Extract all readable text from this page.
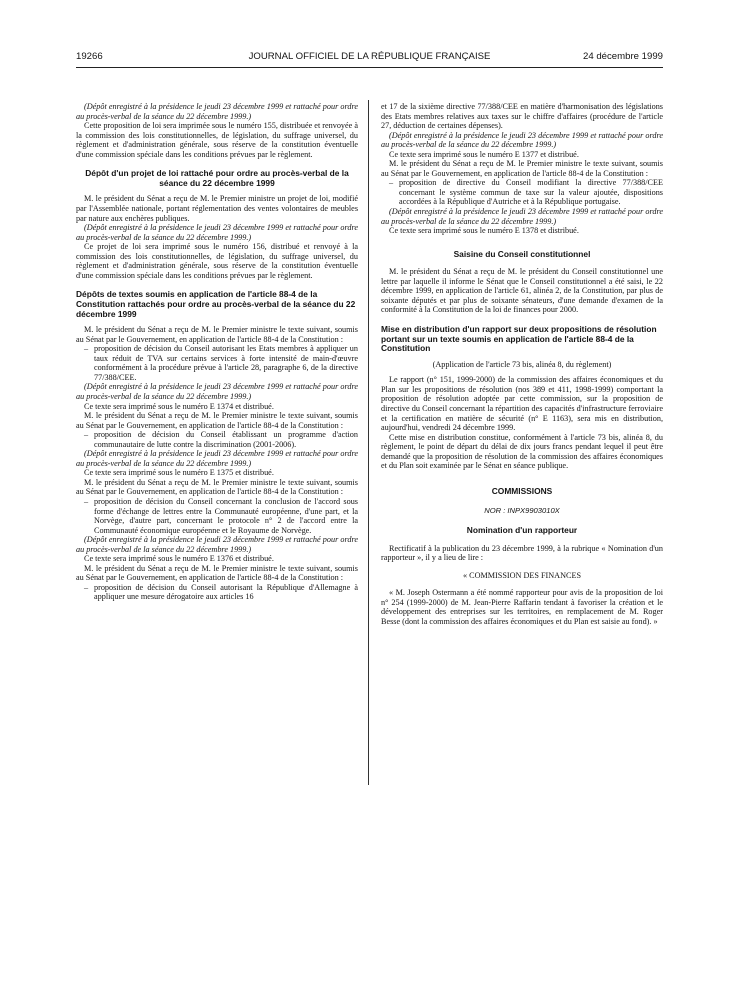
19266	JOURNAL OFFICIEL DE LA RÉPUBLIQUE FRANÇAISE	24 décembre 1999

(Dépôt enregistré à la présidence le jeudi 23 décembre 1999 et rattaché pour ordre au procès-verbal de la séance du 22 décembre 1999.)

Cette proposition de loi sera imprimée sous le numéro 155, distribuée et renvoyée à la commission des lois constitutionnelles, de législation, du suffrage universel, du règlement et d'administration générale, sous réserve de la constitution éventuelle d'une commission spéciale dans les conditions prévues par le règlement.

Dépôt d'un projet de loi rattaché pour ordre au procès-verbal de la séance du 22 décembre 1999

M. le président du Sénat a reçu de M. le Premier ministre un projet de loi, modifié par l'Assemblée nationale, portant réglementation des ventes volontaires de meubles par nature aux enchères publiques.

(Dépôt enregistré à la présidence le jeudi 23 décembre 1999 et rattaché pour ordre au procès-verbal de la séance du 22 décembre 1999.)

Ce projet de loi sera imprimé sous le numéro 156, distribué et renvoyé à la commission des lois constitutionnelles, de législation, du suffrage universel, du règlement et d'administration générale, sous réserve de la constitution éventuelle d'une commission spéciale dans les conditions prévues par le règlement.

Dépôts de textes soumis en application de l'article 88-4 de la Constitution rattachés pour ordre au procès-verbal de la séance du 22 décembre 1999

M. le président du Sénat a reçu de M. le Premier ministre le texte suivant, soumis au Sénat par le Gouvernement, en application de l'article 88-4 de la Constitution :

– proposition de décision du Conseil autorisant les Etats membres à appliquer un taux réduit de TVA sur certains services à forte intensité de main-d'œuvre conformément à la procédure prévue à l'article 28, paragraphe 6, de la directive 77/388/CEE.

(Dépôt enregistré à la présidence le jeudi 23 décembre 1999 et rattaché pour ordre au procès-verbal de la séance du 22 décembre 1999.)

Ce texte sera imprimé sous le numéro E 1374 et distribué.

M. le président du Sénat a reçu de M. le Premier ministre le texte suivant, soumis au Sénat par le Gouvernement, en application de l'article 88-4 de la Constitution :

– proposition de décision du Conseil établissant un programme d'action communautaire de lutte contre la discrimination (2001-2006).

(Dépôt enregistré à la présidence le jeudi 23 décembre 1999 et rattaché pour ordre au procès-verbal de la séance du 22 décembre 1999.)

Ce texte sera imprimé sous le numéro E 1375 et distribué.

M. le président du Sénat a reçu de M. le Premier ministre le texte suivant, soumis au Sénat par le Gouvernement, en application de l'article 88-4 de la Constitution :

– proposition de décision du Conseil concernant la conclusion de l'accord sous forme d'échange de lettres entre la Communauté européenne, d'une part, et la Norvège, d'autre part, concernant le protocole n° 2 de l'accord entre la Communauté économique européenne et le Royaume de Norvège.

(Dépôt enregistré à la présidence le jeudi 23 décembre 1999 et rattaché pour ordre au procès-verbal de la séance du 22 décembre 1999.)

Ce texte sera imprimé sous le numéro E 1376 et distribué.

M. le président du Sénat a reçu de M. le Premier ministre le texte suivant, soumis au Sénat par le Gouvernement, en application de l'article 88-4 de la Constitution :

– proposition de décision du Conseil autorisant la République d'Allemagne à appliquer une mesure dérogatoire aux articles 16

et 17 de la sixième directive 77/388/CEE en matière d'harmonisation des législations des Etats membres relatives aux taxes sur le chiffre d'affaires (procédure de l'article 27, déduction de certaines dépenses).

(Dépôt enregistré à la présidence le jeudi 23 décembre 1999 et rattaché pour ordre au procès-verbal de la séance du 22 décembre 1999.)

Ce texte sera imprimé sous le numéro E 1377 et distribué.

M. le président du Sénat a reçu de M. le Premier ministre le texte suivant, soumis au Sénat par le Gouvernement, en application de l'article 88-4 de la Constitution :

– proposition de directive du Conseil modifiant la directive 77/388/CEE concernant le système commun de taxe sur la valeur ajoutée, dispositions accordées à la République d'Autriche et à la République portugaise.

(Dépôt enregistré à la présidence le jeudi 23 décembre 1999 et rattaché pour ordre au procès-verbal de la séance du 22 décembre 1999.)

Ce texte sera imprimé sous le numéro E 1378 et distribué.

Saisine du Conseil constitutionnel

M. le président du Sénat a reçu de M. le président du Conseil constitutionnel une lettre par laquelle il informe le Sénat que le Conseil constitutionnel a été saisi, le 22 décembre 1999, en application de l'article 61, alinéa 2, de la Constitution, par plus de soixante députés et par plus de soixante sénateurs, d'une demande d'examen de la conformité à la Constitution de la loi de finances pour 2000.

Mise en distribution d'un rapport sur deux propositions de résolution portant sur un texte soumis en application de l'article 88-4 de la Constitution

(Application de l'article 73 bis, alinéa 8, du règlement)

Le rapport (n° 151, 1999-2000) de la commission des affaires économiques et du Plan sur les propositions de résolution (nos 389 et 411, 1998-1999) comportant la proposition de résolution adoptée par cette commission, sur la proposition de directive du Conseil concernant la répartition des capacités d'infrastructure ferroviaire et la certification en matière de sécurité (n° E 1163), sera mis en distribution, aujourd'hui, vendredi 24 décembre 1999.

Cette mise en distribution constitue, conformément à l'article 73 bis, alinéa 8, du règlement, le point de départ du délai de dix jours francs pendant lequel il peut être demandé que la proposition de résolution de la commission des affaires économiques et du Plan soit examinée par le Sénat en séance publique.

COMMISSIONS

NOR : INPX9903010X

Nomination d'un rapporteur

Rectificatif à la publication du 23 décembre 1999, à la rubrique « Nomination d'un rapporteur », il y a lieu de lire :

« COMMISSION DES FINANCES

« M. Joseph Ostermann a été nommé rapporteur pour avis de la proposition de loi n° 254 (1999-2000) de M. Jean-Pierre Raffarin tendant à favoriser la création et le développement des entreprises sur les territoires, en remplacement de M. Roger Besse (dont la commission des affaires économiques et du Plan est saisie au fond). »
